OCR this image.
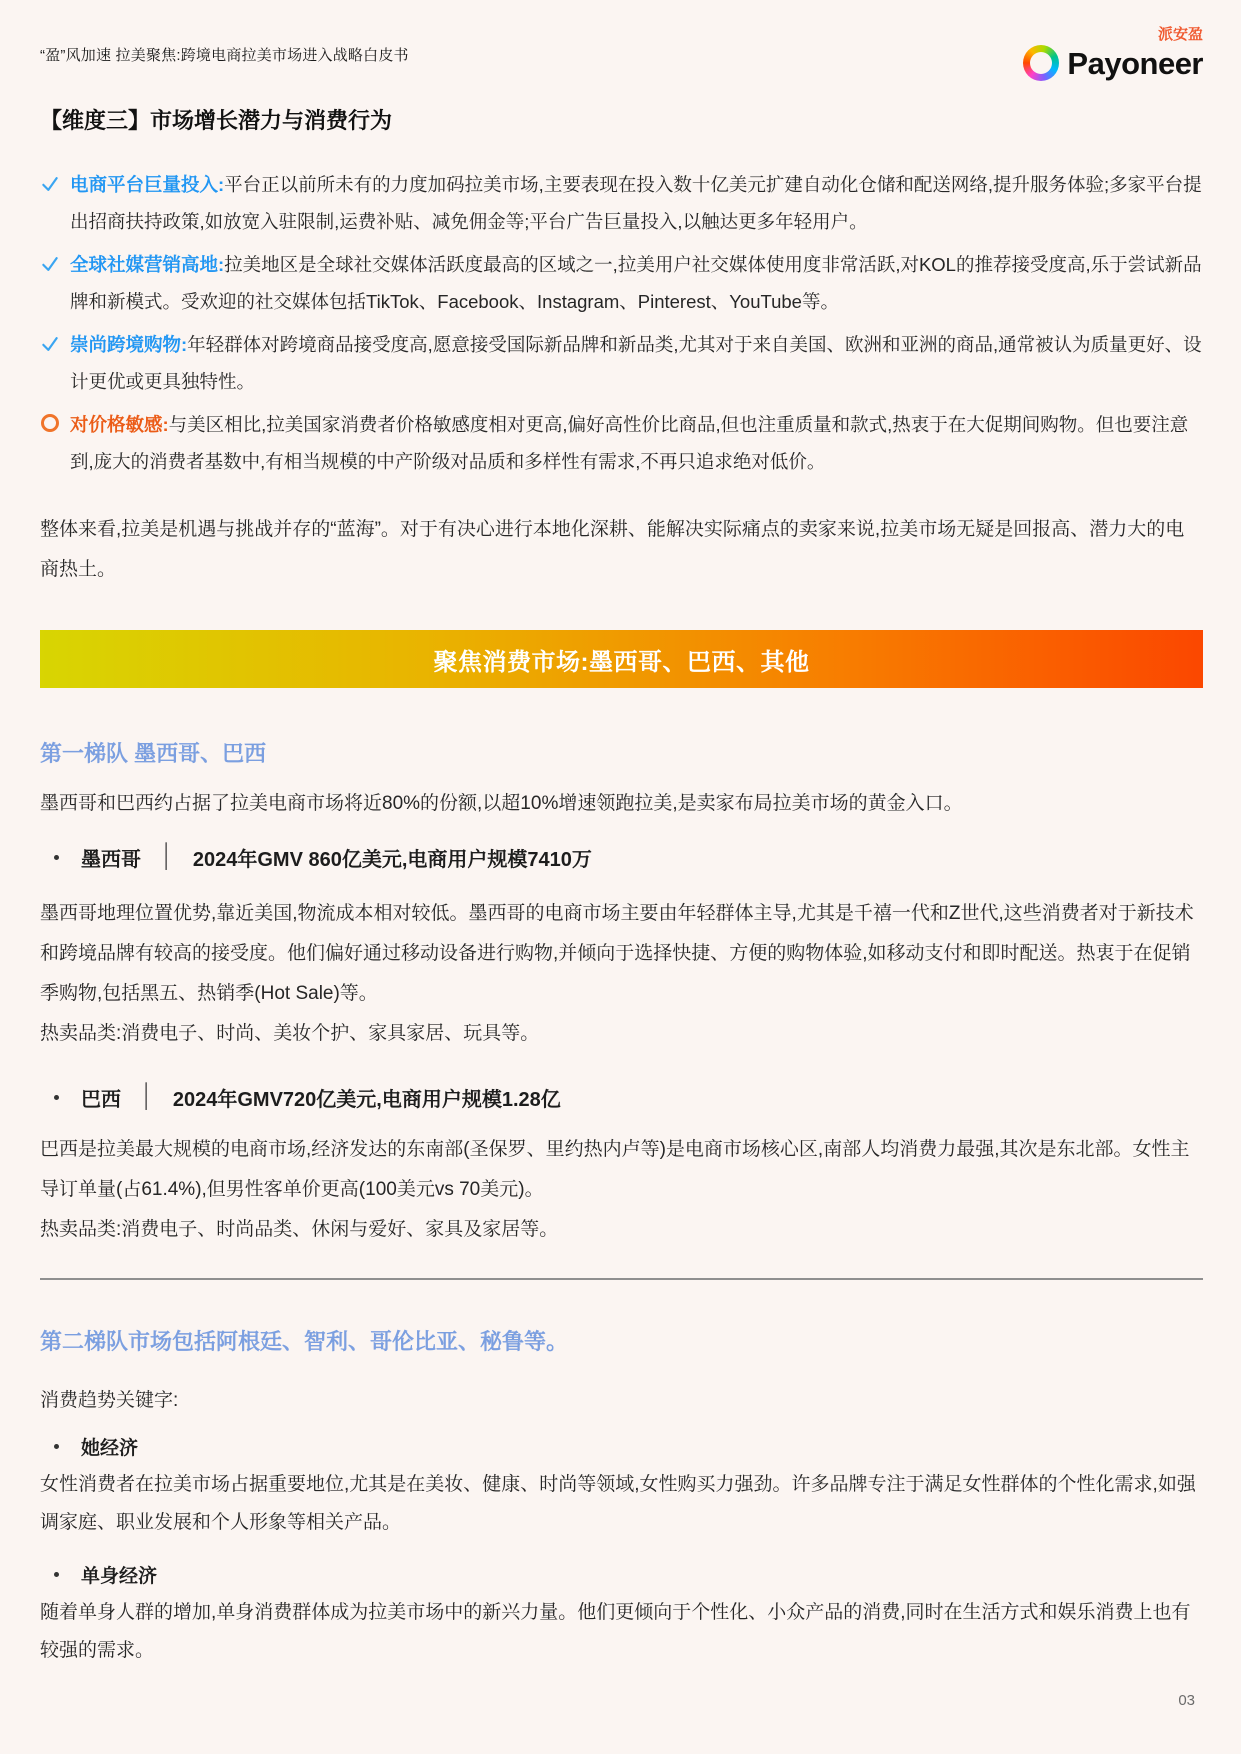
“盈”风加速 拉美聚焦:跨境电商拉美市场进入战略白皮书
派安盈
Payoneer
【维度三】市场增长潜力与消费行为
电商平台巨量投入:平台正以前所未有的力度加码拉美市场,主要表现在投入数十亿美元扩建自动化仓储和配送网络,提升服务体验;多家平台提出招商扶持政策,如放宽入驻限制,运费补贴、减免佣金等;平台广告巨量投入,以触达更多年轻用户。
全球社媒营销高地:拉美地区是全球社交媒体活跃度最高的区域之一,拉美用户社交媒体使用度非常活跃,对KOL的推荐接受度高,乐于尝试新品牌和新模式。受欢迎的社交媒体包括TikTok、Facebook、Instagram、Pinterest、YouTube等。
崇尚跨境购物:年轻群体对跨境商品接受度高,愿意接受国际新品牌和新品类,尤其对于来自美国、欧洲和亚洲的商品,通常被认为质量更好、设计更优或更具独特性。
对价格敏感:与美区相比,拉美国家消费者价格敏感度相对更高,偏好高性价比商品,但也注重质量和款式,热衷于在大促期间购物。但也要注意到,庞大的消费者基数中,有相当规模的中产阶级对品质和多样性有需求,不再只追求绝对低价。

整体来看,拉美是机遇与挑战并存的“蓝海”。对于有决心进行本地化深耕、能解决实际痛点的卖家来说,拉美市场无疑是回报高、潜力大的电商热土。

聚焦消费市场:墨西哥、巴西、其他
第一梯队 墨西哥、巴西

墨西哥和巴西约占据了拉美电商市场将近80%的份额,以超10%增速领跑拉美,是卖家布局拉美市场的黄金入口。

墨西哥 │ 2024年GMV 860亿美元,电商用户规模7410万

墨西哥地理位置优势,靠近美国,物流成本相对较低。墨西哥的电商市场主要由年轻群体主导,尤其是千禧一代和Z世代,这些消费者对于新技术和跨境品牌有较高的接受度。他们偏好通过移动设备进行购物,并倾向于选择快捷、方便的购物体验,如移动支付和即时配送。热衷于在促销季购物,包括黑五、热销季(Hot Sale)等。

热卖品类:消费电子、时尚、美妆个护、家具家居、玩具等。

巴西 │ 2024年GMV720亿美元,电商用户规模1.28亿

巴西是拉美最大规模的电商市场,经济发达的东南部(圣保罗、里约热内卢等)是电商市场核心区,南部人均消费力最强,其次是东北部。女性主导订单量(占61.4%),但男性客单价更高(100美元vs 70美元)。

热卖品类:消费电子、时尚品类、休闲与爱好、家具及家居等。

第二梯队市场包括阿根廷、智利、哥伦比亚、秘鲁等。

消费趋势关键字:

她经济

女性消费者在拉美市场占据重要地位,尤其是在美妆、健康、时尚等领域,女性购买力强劲。许多品牌专注于满足女性群体的个性化需求,如强调家庭、职业发展和个人形象等相关产品。

单身经济

随着单身人群的增加,单身消费群体成为拉美市场中的新兴力量。他们更倾向于个性化、小众产品的消费,同时在生活方式和娱乐消费上也有较强的需求。

03
